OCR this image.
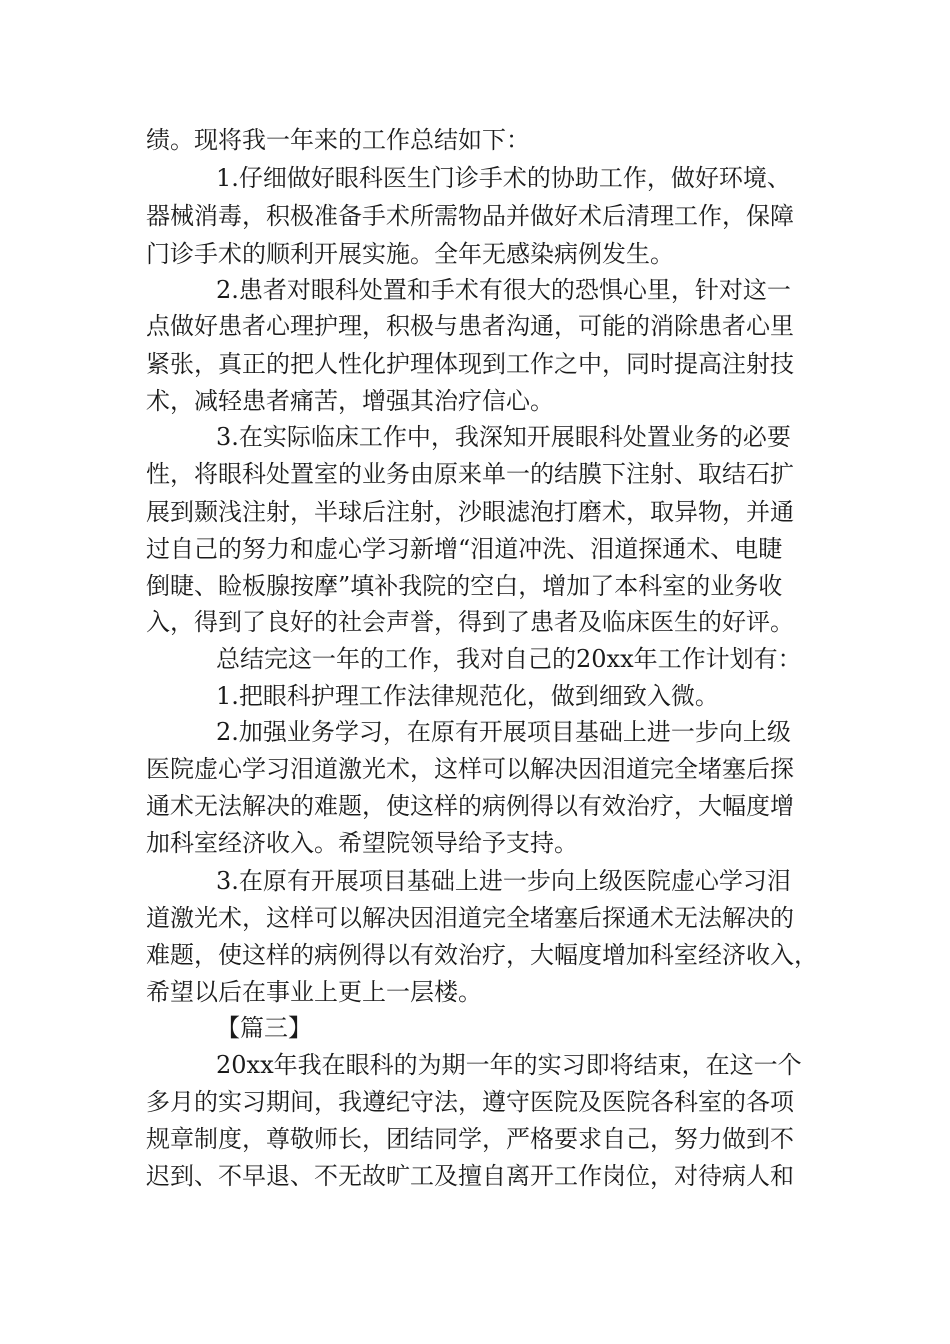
绩。现将我一年来的工作总结如下：
1.仔细做好眼科医生门诊手术的协助工作，做好环境、
器械消毒，积极准备手术所需物品并做好术后清理工作，保障
门诊手术的顺利开展实施。全年无感染病例发生。
2.患者对眼科处置和手术有很大的恐惧心里，针对这一
点做好患者心理护理，积极与患者沟通，可能的消除患者心里
紧张，真正的把人性化护理体现到工作之中，同时提高注射技
术，减轻患者痛苦，增强其治疗信心。
3.在实际临床工作中，我深知开展眼科处置业务的必要
性，将眼科处置室的业务由原来单一的结膜下注射、取结石扩
展到颞浅注射，半球后注射，沙眼滤泡打磨术，取异物，并通
过自己的努力和虚心学习新增“泪道冲洗、泪道探通术、电睫
倒睫、睑板腺按摩”填补我院的空白，增加了本科室的业务收
入，得到了良好的社会声誉，得到了患者及临床医生的好评。
总结完这一年的工作，我对自己的20xx年工作计划有：
1.把眼科护理工作法律规范化，做到细致入微。
2.加强业务学习，在原有开展项目基础上进一步向上级
医院虚心学习泪道激光术，这样可以解决因泪道完全堵塞后探
通术无法解决的难题，使这样的病例得以有效治疗，大幅度增
加科室经济收入。希望院领导给予支持。
3.在原有开展项目基础上进一步向上级医院虚心学习泪
道激光术，这样可以解决因泪道完全堵塞后探通术无法解决的
难题，使这样的病例得以有效治疗，大幅度增加科室经济收入，
希望以后在事业上更上一层楼。
【篇三】
20xx年我在眼科的为期一年的实习即将结束，在这一个
多月的实习期间，我遵纪守法，遵守医院及医院各科室的各项
规章制度，尊敬师长，团结同学，严格要求自己，努力做到不
迟到、不早退、不无故旷工及擅自离开工作岗位，对待病人和
